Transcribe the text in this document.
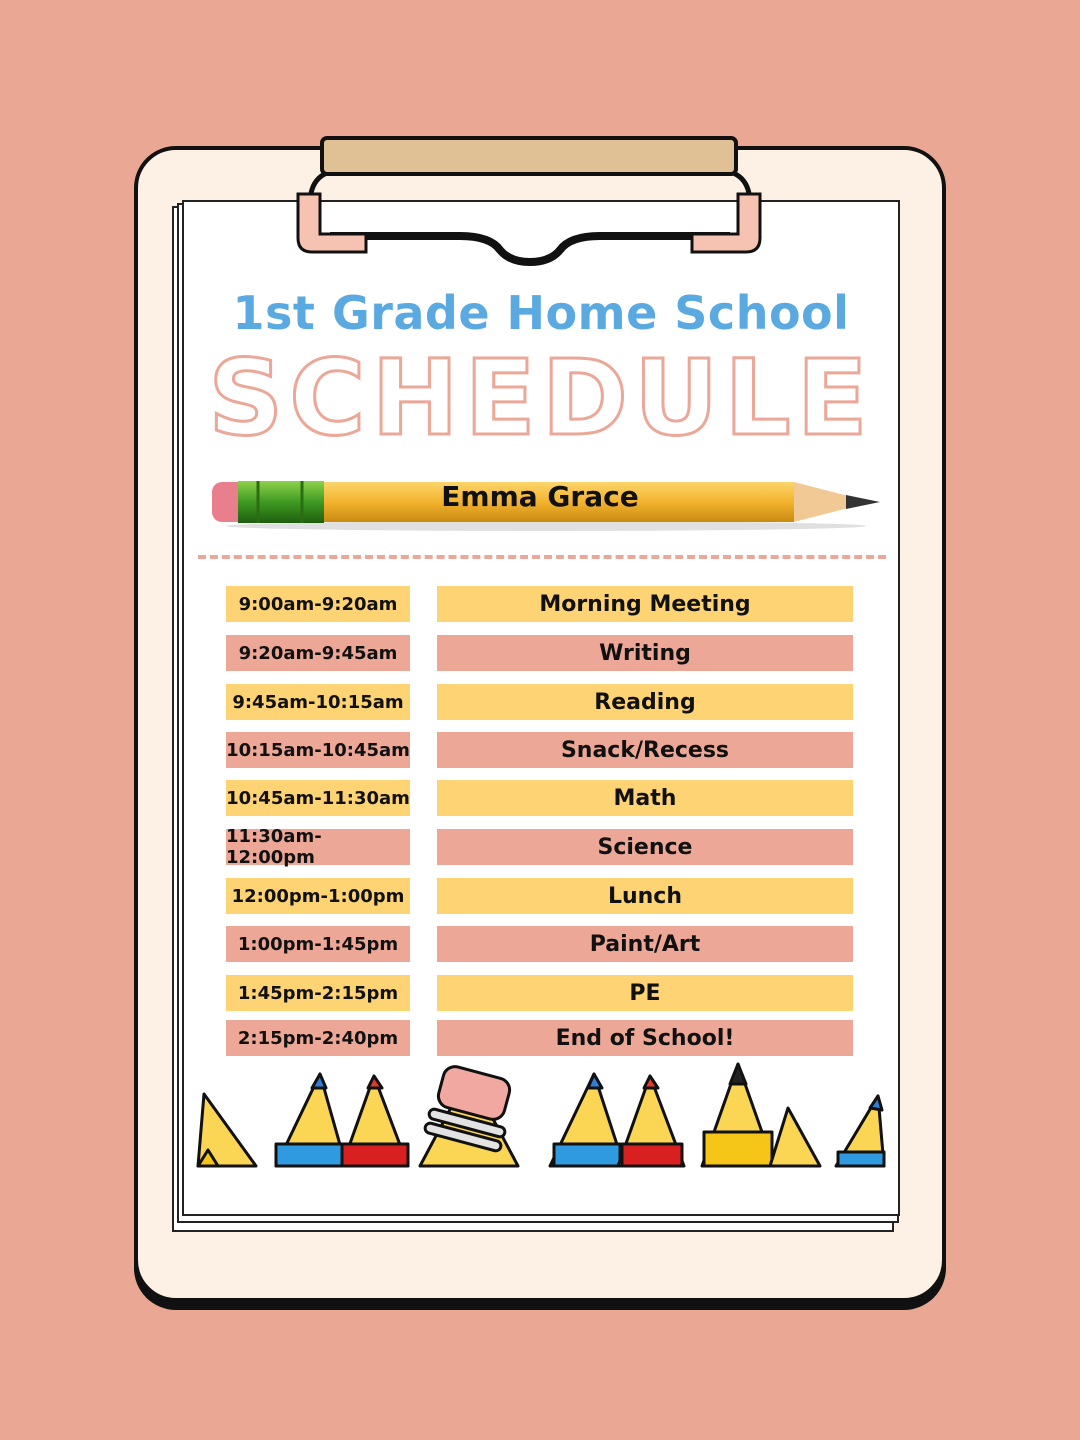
1st Grade Home School
SCHEDULE
Emma Grace
9:00am-9:20am	Morning Meeting
9:20am-9:45am	Writing
9:45am-10:15am	Reading
10:15am-10:45am	Snack/Recess
10:45am-11:30am	Math
11:30am-12:00pm	Science
12:00pm-1:00pm	Lunch
1:00pm-1:45pm	Paint/Art
1:45pm-2:15pm	PE
2:15pm-2:40pm	End of School!
